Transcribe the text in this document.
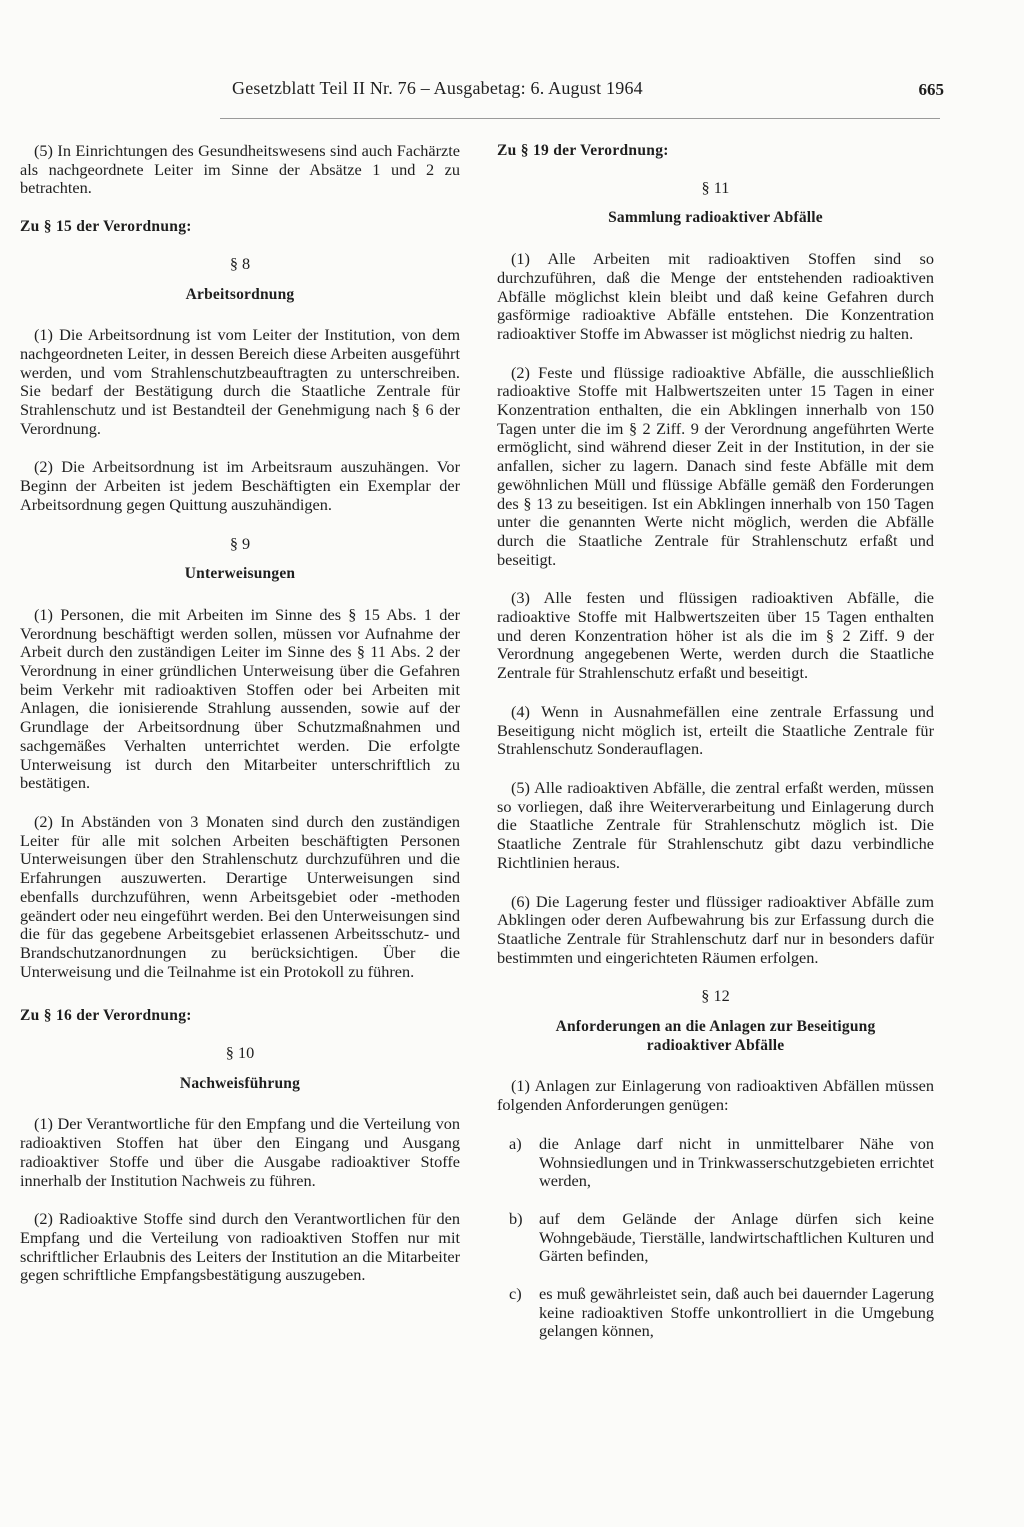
Gesetzblatt Teil II Nr. 76 – Ausgabetag: 6. August 1964	665

(5) In Einrichtungen des Gesundheitswesens sind auch Fachärzte als nachgeordnete Leiter im Sinne der Absätze 1 und 2 zu betrachten.

Zu § 15 der Verordnung:
§ 8
Arbeitsordnung

(1) Die Arbeitsordnung ist vom Leiter der Institution, von dem nachgeordneten Leiter, in dessen Bereich diese Arbeiten ausgeführt werden, und vom Strahlenschutzbeauftragten zu unterschreiben. Sie bedarf der Bestätigung durch die Staatliche Zentrale für Strahlenschutz und ist Bestandteil der Genehmigung nach § 6 der Verordnung.

(2) Die Arbeitsordnung ist im Arbeitsraum auszuhängen. Vor Beginn der Arbeiten ist jedem Beschäftigten ein Exemplar der Arbeitsordnung gegen Quittung auszuhändigen.

§ 9
Unterweisungen

(1) Personen, die mit Arbeiten im Sinne des § 15 Abs. 1 der Verordnung beschäftigt werden sollen, müssen vor Aufnahme der Arbeit durch den zuständigen Leiter im Sinne des § 11 Abs. 2 der Verordnung in einer gründlichen Unterweisung über die Gefahren beim Verkehr mit radioaktiven Stoffen oder bei Arbeiten mit Anlagen, die ionisierende Strahlung aussenden, sowie auf der Grundlage der Arbeitsordnung über Schutzmaßnahmen und sachgemäßes Verhalten unterrichtet werden. Die erfolgte Unterweisung ist durch den Mitarbeiter unterschriftlich zu bestätigen.

(2) In Abständen von 3 Monaten sind durch den zuständigen Leiter für alle mit solchen Arbeiten beschäftigten Personen Unterweisungen über den Strahlenschutz durchzuführen und die Erfahrungen auszuwerten. Derartige Unterweisungen sind ebenfalls durchzuführen, wenn Arbeitsgebiet oder -methoden geändert oder neu eingeführt werden. Bei den Unterweisungen sind die für das gegebene Arbeitsgebiet erlassenen Arbeitsschutz- und Brandschutzanordnungen zu berücksichtigen. Über die Unterweisung und die Teilnahme ist ein Protokoll zu führen.

Zu § 16 der Verordnung:
§ 10
Nachweisführung

(1) Der Verantwortliche für den Empfang und die Verteilung von radioaktiven Stoffen hat über den Eingang und Ausgang radioaktiver Stoffe und über die Ausgabe radioaktiver Stoffe innerhalb der Institution Nachweis zu führen.

(2) Radioaktive Stoffe sind durch den Verantwortlichen für den Empfang und die Verteilung von radioaktiven Stoffen nur mit schriftlicher Erlaubnis des Leiters der Institution an die Mitarbeiter gegen schriftliche Empfangsbestätigung auszugeben.

Zu § 19 der Verordnung:
§ 11
Sammlung radioaktiver Abfälle

(1) Alle Arbeiten mit radioaktiven Stoffen sind so durchzuführen, daß die Menge der entstehenden radioaktiven Abfälle möglichst klein bleibt und daß keine Gefahren durch gasförmige radioaktive Abfälle entstehen. Die Konzentration radioaktiver Stoffe im Abwasser ist möglichst niedrig zu halten.

(2) Feste und flüssige radioaktive Abfälle, die ausschließlich radioaktive Stoffe mit Halbwertszeiten unter 15 Tagen in einer Konzentration enthalten, die ein Abklingen innerhalb von 150 Tagen unter die im § 2 Ziff. 9 der Verordnung angeführten Werte ermöglicht, sind während dieser Zeit in der Institution, in der sie anfallen, sicher zu lagern. Danach sind feste Abfälle mit dem gewöhnlichen Müll und flüssige Abfälle gemäß den Forderungen des § 13 zu beseitigen. Ist ein Abklingen innerhalb von 150 Tagen unter die genannten Werte nicht möglich, werden die Abfälle durch die Staatliche Zentrale für Strahlenschutz erfaßt und beseitigt.

(3) Alle festen und flüssigen radioaktiven Abfälle, die radioaktive Stoffe mit Halbwertszeiten über 15 Tagen enthalten und deren Konzentration höher ist als die im § 2 Ziff. 9 der Verordnung angegebenen Werte, werden durch die Staatliche Zentrale für Strahlenschutz erfaßt und beseitigt.

(4) Wenn in Ausnahmefällen eine zentrale Erfassung und Beseitigung nicht möglich ist, erteilt die Staatliche Zentrale für Strahlenschutz Sonderauflagen.

(5) Alle radioaktiven Abfälle, die zentral erfaßt werden, müssen so vorliegen, daß ihre Weiterverarbeitung und Einlagerung durch die Staatliche Zentrale für Strahlenschutz möglich ist. Die Staatliche Zentrale für Strahlenschutz gibt dazu verbindliche Richtlinien heraus.

(6) Die Lagerung fester und flüssiger radioaktiver Abfälle zum Abklingen oder deren Aufbewahrung bis zur Erfassung durch die Staatliche Zentrale für Strahlenschutz darf nur in besonders dafür bestimmten und eingerichteten Räumen erfolgen.

§ 12
Anforderungen an die Anlagen zur Beseitigung
radioaktiver Abfälle

(1) Anlagen zur Einlagerung von radioaktiven Abfällen müssen folgenden Anforderungen genügen:

a)	die Anlage darf nicht in unmittelbarer Nähe von Wohnsiedlungen und in Trinkwasserschutzgebieten errichtet werden,
b)	auf dem Gelände der Anlage dürfen sich keine Wohngebäude, Tierställe, landwirtschaftlichen Kulturen und Gärten befinden,
c)	es muß gewährleistet sein, daß auch bei dauernder Lagerung keine radioaktiven Stoffe unkontrolliert in die Umgebung gelangen können,
